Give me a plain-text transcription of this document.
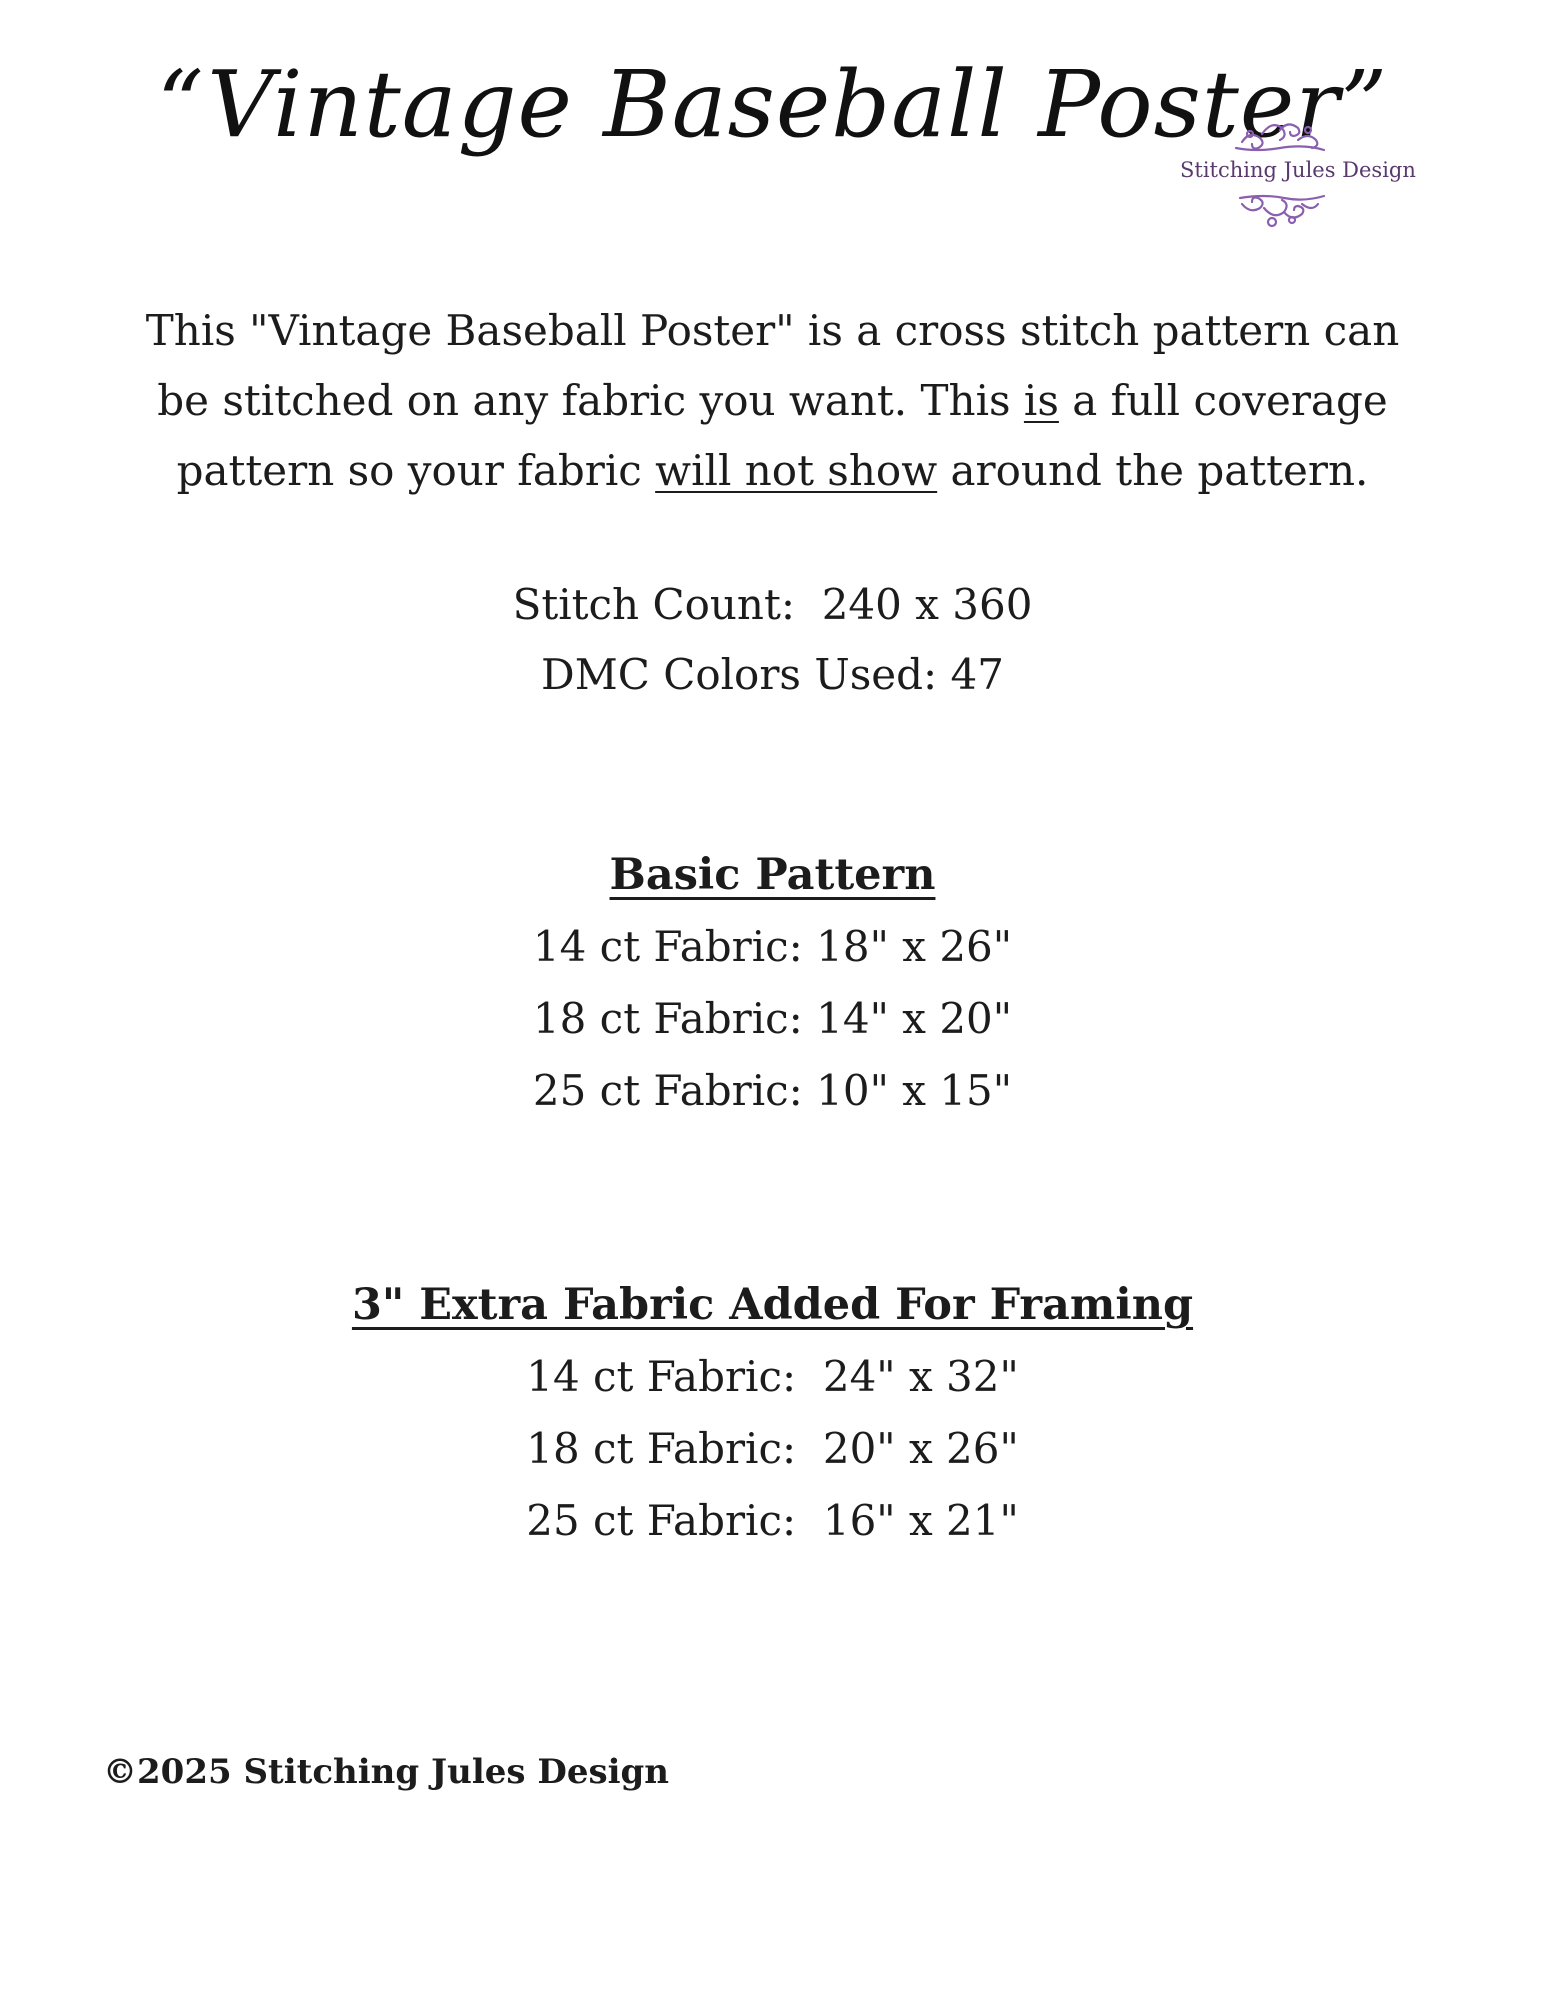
“Vintage Baseball Poster”
Stitching Jules Design
This "Vintage Baseball Poster" is a cross stitch pattern can
be stitched on any fabric you want. This is a full coverage
pattern so your fabric will not show around the pattern.

Stitch Count:  240 x 360

DMC Colors Used: 47

Basic Pattern

14 ct Fabric: 18" x 26"

18 ct Fabric: 14" x 20"

25 ct Fabric: 10" x 15"

3" Extra Fabric Added For Framing

14 ct Fabric:  24" x 32"

18 ct Fabric:  20" x 26"

25 ct Fabric:  16" x 21"

©2025 Stitching Jules Design
